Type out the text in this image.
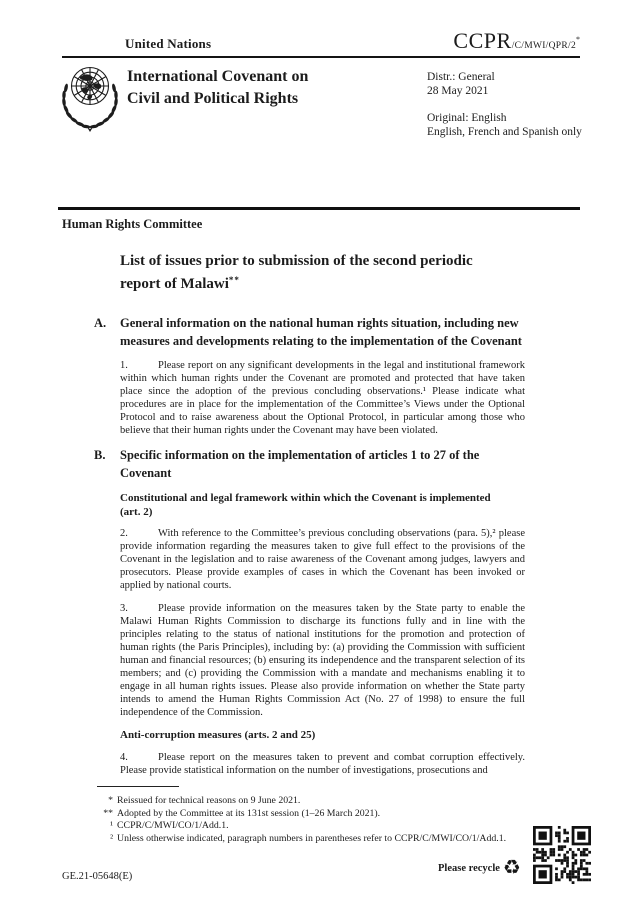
United Nations	CCPR/C/MWI/QPR/2*
International Covenant on
Civil and Political Rights
Distr.: General
28 May 2021
Original: English
English, French and Spanish only
Human Rights Committee
List of issues prior to submission of the second periodic
report of Malawi**
A. General information on the national human rights situation, including new measures and developments relating to the implementation of the Covenant

1.	Please report on any significant developments in the legal and institutional framework within which human rights under the Covenant are promoted and protected that have taken place since the adoption of the previous concluding observations.¹ Please indicate what procedures are in place for the implementation of the Committee’s Views under the Optional Protocol and to raise awareness about the Optional Protocol, in particular among those who believe that their human rights under the Covenant may have been violated.

B. Specific information on the implementation of articles 1 to 27 of the Covenant
Constitutional and legal framework within which the Covenant is implemented
(art. 2)

2.	With reference to the Committee’s previous concluding observations (para. 5),² please provide information regarding the measures taken to give full effect to the provisions of the Covenant in the legislation and to raise awareness of the Covenant among judges, lawyers and prosecutors. Please provide examples of cases in which the Covenant has been invoked or applied by national courts.

3.	Please provide information on the measures taken by the State party to enable the Malawi Human Rights Commission to discharge its functions fully and in line with the principles relating to the status of national institutions for the promotion and protection of human rights (the Paris Principles), including by: (a) providing the Commission with sufficient human and financial resources; (b) ensuring its independence and the transparent selection of its members; and (c) providing the Commission with a mandate and mechanisms enabling it to engage in all human rights issues. Please also provide information on whether the State party intends to amend the Human Rights Commission Act (No. 27 of 1998) to ensure the full independence of the Commission.

Anti-corruption measures (arts. 2 and 25)

4.	Please report on the measures taken to prevent and combat corruption effectively. Please provide statistical information on the number of investigations, prosecutions and

* Reissued for technical reasons on 9 June 2021.
** Adopted by the Committee at its 131st session (1–26 March 2021).
¹ CCPR/C/MWI/CO/1/Add.1.
² Unless otherwise indicated, paragraph numbers in parentheses refer to CCPR/C/MWI/CO/1/Add.1.
GE.21-05648(E)
Please recycle ♻
